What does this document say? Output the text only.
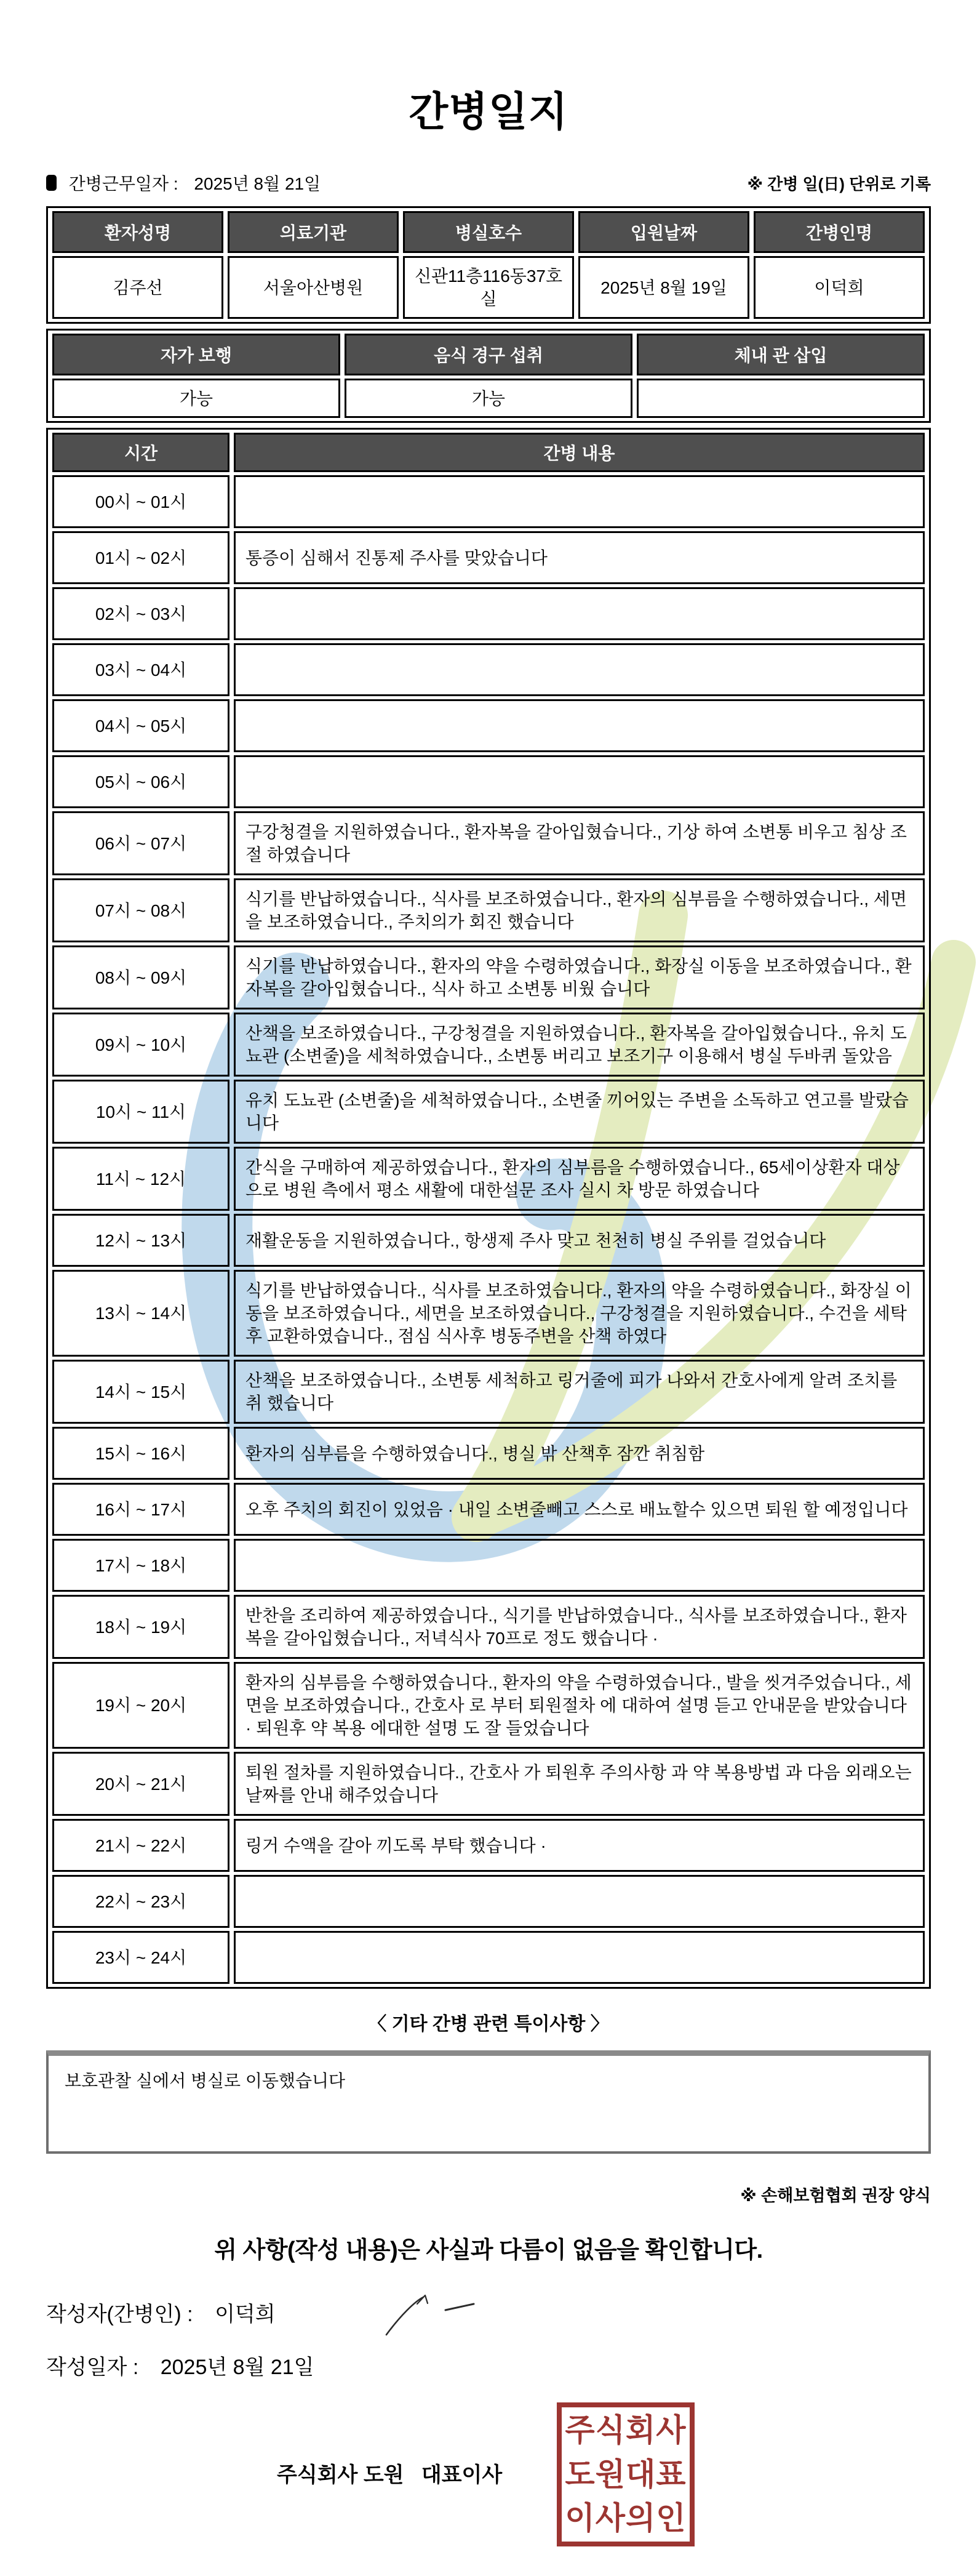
간병일지
간병근무일자 : 2025년 8월 21일	※ 간병 일(日) 단위로 기록
환자성명	의료기관	병실호수	입원날짜	간병인명
김주선	서울아산병원	신관11층116동37호실	2025년 8월 19일	이덕희
자가 보행	음식 경구 섭취	체내 관 삽입
가능	가능	
시간	간병 내용
00시 ~ 01시	
01시 ~ 02시	통증이 심해서 진통제 주사를 맞았습니다
02시 ~ 03시	
03시 ~ 04시	
04시 ~ 05시	
05시 ~ 06시	
06시 ~ 07시	구강청결을 지원하였습니다., 환자복을 갈아입혔습니다., 기상 하여 소변통 비우고 침상 조절 하였습니다
07시 ~ 08시	식기를 반납하였습니다., 식사를 보조하였습니다., 환자의 심부름을 수행하였습니다., 세면을 보조하였습니다., 주치의가 회진 했습니다
08시 ~ 09시	식기를 반납하였습니다., 환자의 약을 수령하였습니다., 화장실 이동을 보조하였습니다., 환자복을 갈아입혔습니다., 식사 하고 소변통 비웠 습니다
09시 ~ 10시	산책을 보조하였습니다., 구강청결을 지원하였습니다., 환자복을 갈아입혔습니다., 유치 도뇨관 (소변줄)을 세척하였습니다., 소변통 버리고 보조기구 이용해서 병실 두바퀴 돌았음
10시 ~ 11시	유치 도뇨관 (소변줄)을 세척하였습니다., 소변줄 끼어있는 주변을 소독하고 연고를 발랐습니다
11시 ~ 12시	간식을 구매하여 제공하였습니다., 환자의 심부름을 수행하였습니다., 65세이상환자 대상으로 병원 측에서 평소 새활에 대한설문 조사 실시 차 방문 하였습니다
12시 ~ 13시	재활운동을 지원하였습니다., 항생제 주사 맞고 천천히 병실 주위를 걸었습니다
13시 ~ 14시	식기를 반납하였습니다., 식사를 보조하였습니다., 환자의 약을 수령하였습니다., 화장실 이동을 보조하였습니다., 세면을 보조하였습니다., 구강청결을 지원하였습니다., 수건을 세탁 후 교환하였습니다., 점심 식사후 병동주변을 산책 하였다
14시 ~ 15시	산책을 보조하였습니다., 소변통 세척하고 링거줄에 피가 나와서 간호사에게 알려 조치를 취 했습니다
15시 ~ 16시	환자의 심부름을 수행하였습니다., 병실 밖 산책후 잠깐 취침함
16시 ~ 17시	오후 주치의 회진이 있었음 · 내일 소변줄빼고 스스로 배뇨할수 있으면 퇴원 할 예정입니다
17시 ~ 18시	
18시 ~ 19시	반찬을 조리하여 제공하였습니다., 식기를 반납하였습니다., 식사를 보조하였습니다., 환자복을 갈아입혔습니다., 저녁식사 70프로 정도 했습니다 ·
19시 ~ 20시	환자의 심부름을 수행하였습니다., 환자의 약을 수령하였습니다., 발을 씻겨주었습니다., 세면을 보조하였습니다., 간호사 로 부터 퇴원절차 에 대하여 설명 듣고 안내문을 받았습니다 · 퇴원후 약 복용 에대한 설명 도 잘 들었습니다
20시 ~ 21시	퇴원 절차를 지원하였습니다., 간호사 가 퇴원후 주의사항 과 약 복용방법 과 다음 외래오는 날짜를 안내 해주었습니다
21시 ~ 22시	링거 수액을 갈아 끼도록 부탁 했습니다 ·
22시 ~ 23시	
23시 ~ 24시	
〈 기타 간병 관련 특이사항 〉
보호관찰 실에서 병실로 이동했습니다
※ 손해보험협회 권장 양식
위 사항(작성 내용)은 사실과 다름이 없음을 확인합니다.
작성자(간병인) : 이덕희
작성일자 : 2025년 8월 21일
주식회사 도원   대표이사
주식회사
도원대표
이사의인
